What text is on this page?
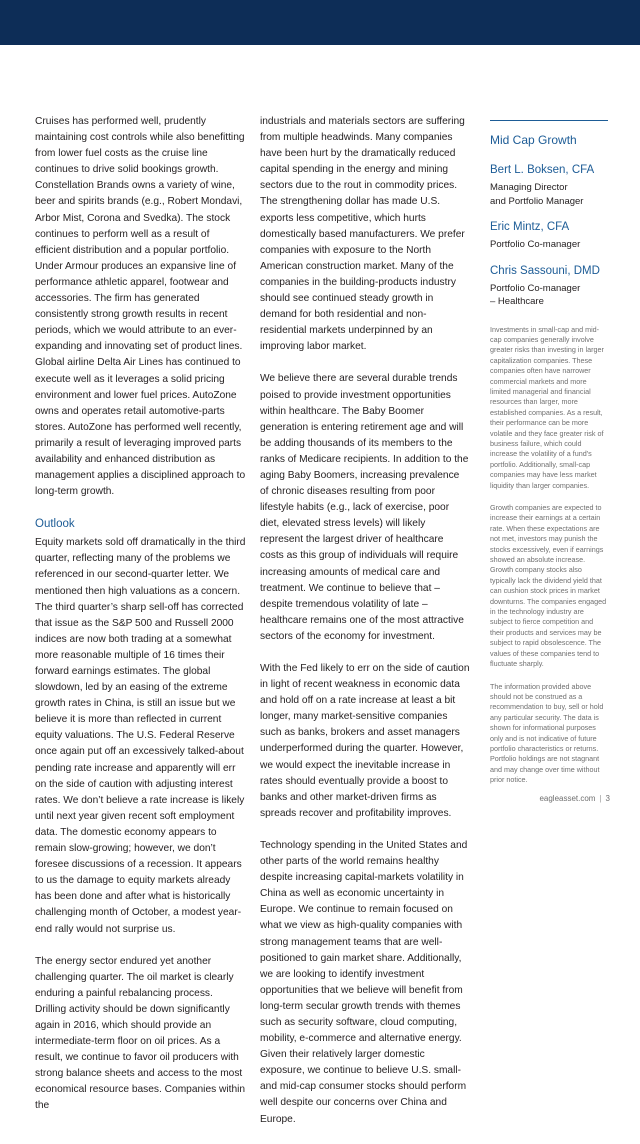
Cruises has performed well, prudently maintaining cost controls while also benefitting from lower fuel costs as the cruise line continues to drive solid bookings growth. Constellation Brands owns a variety of wine, beer and spirits brands (e.g., Robert Mondavi, Arbor Mist, Corona and Svedka). The stock continues to perform well as a result of efficient distribution and a popular portfolio. Under Armour produces an expansive line of performance athletic apparel, footwear and accessories. The firm has generated consistently strong growth results in recent periods, which we would attribute to an ever-expanding and innovating set of product lines. Global airline Delta Air Lines has continued to execute well as it leverages a solid pricing environment and lower fuel prices. AutoZone owns and operates retail automotive-parts stores. AutoZone has performed well recently, primarily a result of leveraging improved parts availability and enhanced distribution as management applies a disciplined approach to long-term growth.

Outlook

Equity markets sold off dramatically in the third quarter, reflecting many of the problems we referenced in our second-quarter letter. We mentioned then high valuations as a concern. The third quarter’s sharp sell-off has corrected that issue as the S&P 500 and Russell 2000 indices are now both trading at a somewhat more reasonable multiple of 16 times their forward earnings estimates. The global slowdown, led by an easing of the extreme growth rates in China, is still an issue but we believe it is more than reflected in current equity valuations. The U.S. Federal Reserve once again put off an excessively talked-about pending rate increase and apparently will err on the side of caution with adjusting interest rates. We don’t believe a rate increase is likely until next year given recent soft employment data. The domestic economy appears to remain slow-growing; however, we don’t foresee discussions of a recession. It appears to us the damage to equity markets already has been done and after what is historically challenging month of October, a modest year-end rally would not surprise us.

The energy sector endured yet another challenging quarter. The oil market is clearly enduring a painful rebalancing process. Drilling activity should be down significantly again in 2016, which should provide an intermediate-term floor on oil prices. As a result, we continue to favor oil producers with strong balance sheets and access to the most economical resource bases. Companies within the

industrials and materials sectors are suffering from multiple headwinds. Many companies have been hurt by the dramatically reduced capital spending in the energy and mining sectors due to the rout in commodity prices. The strengthening dollar has made U.S. exports less competitive, which hurts domestically based manufacturers. We prefer companies with exposure to the North American construction market. Many of the companies in the building-products industry should see continued steady growth in demand for both residential and non-residential markets underpinned by an improving labor market.

We believe there are several durable trends poised to provide investment opportunities within healthcare. The Baby Boomer generation is entering retirement age and will be adding thousands of its members to the ranks of Medicare recipients. In addition to the aging Baby Boomers, increasing prevalence of chronic diseases resulting from poor lifestyle habits (e.g., lack of exercise, poor diet, elevated stress levels) will likely represent the largest driver of healthcare costs as this group of individuals will require increasing amounts of medical care and treatment. We continue to believe that – despite tremendous volatility of late – healthcare remains one of the most attractive sectors of the economy for investment.

With the Fed likely to err on the side of caution in light of recent weakness in economic data and hold off on a rate increase at least a bit longer, many market-sensitive companies such as banks, brokers and asset managers underperformed during the quarter. However, we would expect the inevitable increase in rates should eventually provide a boost to banks and other market-driven firms as spreads recover and profitability improves.

Technology spending in the United States and other parts of the world remains healthy despite increasing capital-markets volatility in China as well as economic uncertainty in Europe. We continue to remain focused on what we view as high-quality companies with strong management teams that are well-positioned to gain market share. Additionally, we are looking to identify investment opportunities that we believe will benefit from long-term secular growth trends with themes such as security software, cloud computing, mobility, e-commerce and alternative energy. Given their relatively larger domestic exposure, we continue to believe U.S. small- and mid-cap consumer stocks should perform well despite our concerns over China and Europe.

Mid Cap Growth
Bert L. Boksen, CFA
Managing Director
and Portfolio Manager
Eric Mintz, CFA
Portfolio Co-manager
Chris Sassouni, DMD
Portfolio Co-manager
– Healthcare

Investments in small-cap and mid-cap companies generally involve greater risks than investing in larger capitalization companies. These companies often have narrower commercial markets and more limited managerial and financial resources than larger, more established companies. As a result, their performance can be more volatile and they face greater risk of business failure, which could increase the volatility of a fund’s portfolio. Additionally, small-cap companies may have less market liquidity than larger companies.

Growth companies are expected to increase their earnings at a certain rate. When these expectations are not met, investors may punish the stocks excessively, even if earnings showed an absolute increase. Growth company stocks also typically lack the dividend yield that can cushion stock prices in market downturns. The companies engaged in the technology industry are subject to fierce competition and their products and services may be subject to rapid obsolescence. The values of these companies tend to fluctuate sharply.

The information provided above should not be construed as a recommendation to buy, sell or hold any particular security. The data is shown for informational purposes only and is not indicative of future portfolio characteristics or returns. Portfolio holdings are not stagnant and may change over time without prior notice.

eagleasset.com | 3
